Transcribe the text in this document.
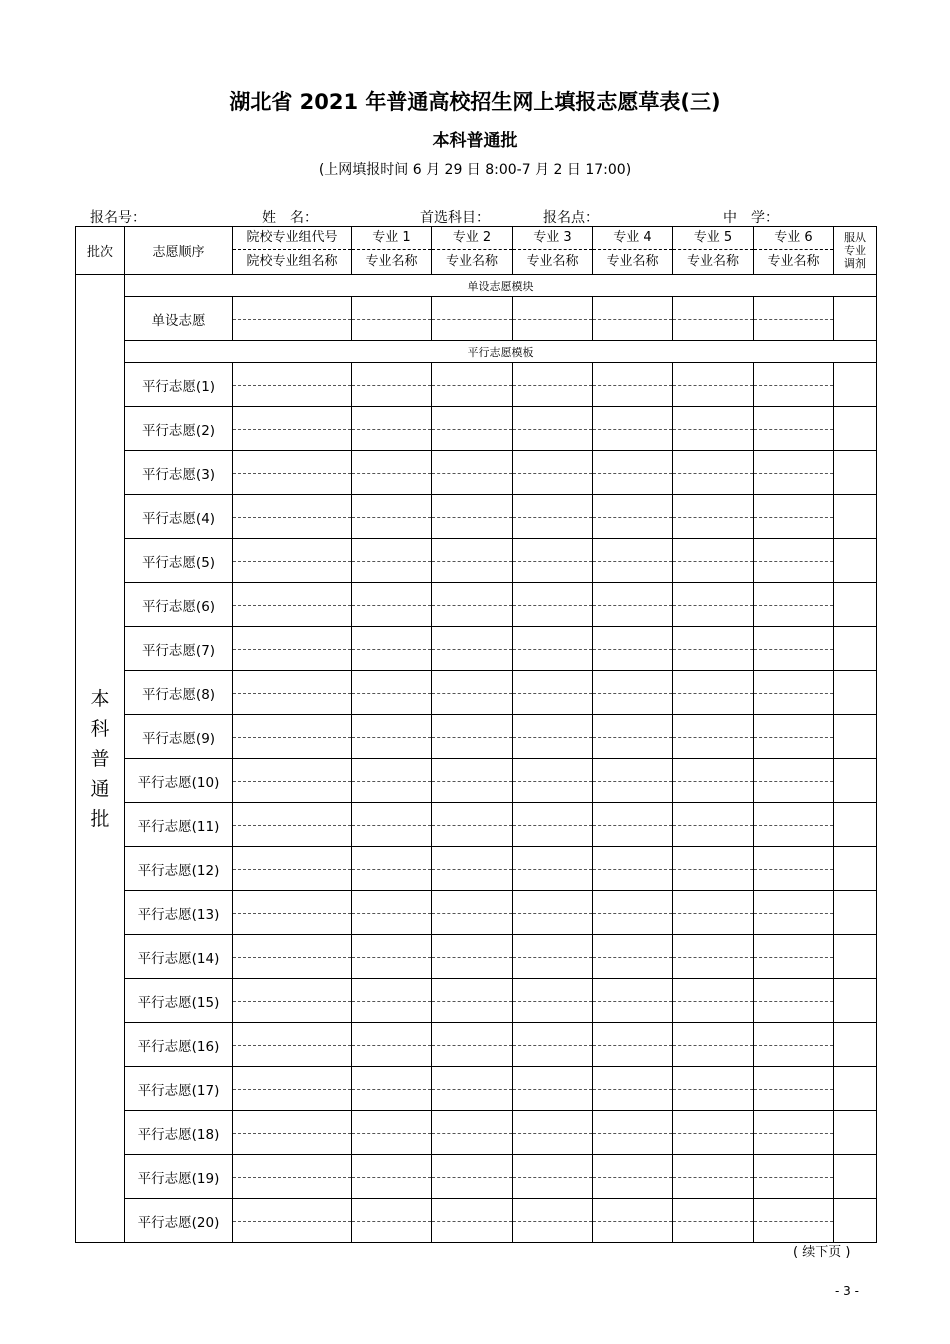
湖北省 2021 年普通高校招生网上填报志愿草表(三)
本科普通批
(上网填报时间 6 月 29 日 8:00-7 月 2 日 17:00)
报名号：	姓　名：	首选科目：	报名点：	中　学：
批次	志愿顺序	院校专业组代号	专业 1	专业 2	专业 3	专业 4	专业 5	专业 6	服从专业调剂

		院校专业组名称	专业名称	专业名称	专业名称	专业名称	专业名称	专业名称	

本科普通批	单设志愿模块								
	单设志愿	

	平行志愿模板								
	平行志愿(1)	

	平行志愿(2)	

	平行志愿(3)	

	平行志愿(4)	

	平行志愿(5)	

	平行志愿(6)	

	平行志愿(7)	

	平行志愿(8)	

	平行志愿(9)	

	平行志愿(10)	

	平行志愿(11)	

	平行志愿(12)	

	平行志愿(13)	

	平行志愿(14)	

	平行志愿(15)	

	平行志愿(16)	

	平行志愿(17)	

	平行志愿(18)	

	平行志愿(19)	

	平行志愿(20)	

( 续下页 )
- 3 -
